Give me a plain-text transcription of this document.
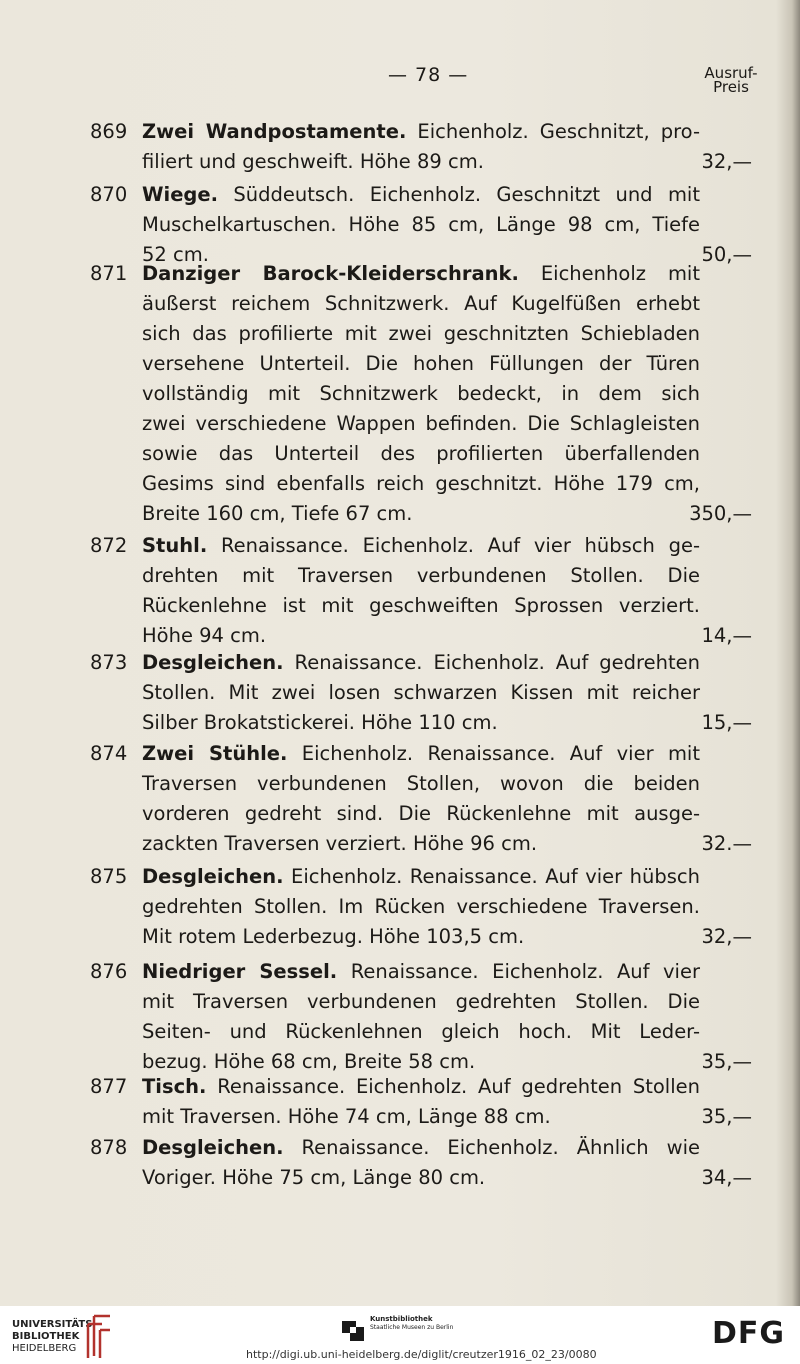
— 78 —	Ausruf-
Preis
869 Zwei Wandpostamente. Eichenholz. Geschnitzt, pro-
filiert und geschweift. Höhe 89 cm.	32,—
870 Wiege. Süddeutsch. Eichenholz. Geschnitzt und mit
Muschelkartuschen. Höhe 85 cm, Länge 98 cm, Tiefe
52 cm.	50,—
871 Danziger Barock-Kleiderschrank. Eichenholz mit
äußerst reichem Schnitzwerk. Auf Kugelfüßen erhebt
sich das profilierte mit zwei geschnitzten Schiebladen
versehene Unterteil. Die hohen Füllungen der Türen
vollständig mit Schnitzwerk bedeckt, in dem sich
zwei verschiedene Wappen befinden. Die Schlagleisten
sowie das Unterteil des profilierten überfallenden
Gesims sind ebenfalls reich geschnitzt. Höhe 179 cm,
Breite 160 cm, Tiefe 67 cm.	350,—
872 Stuhl. Renaissance. Eichenholz. Auf vier hübsch ge-
drehten mit Traversen verbundenen Stollen. Die
Rückenlehne ist mit geschweiften Sprossen verziert.
Höhe 94 cm.	14,—
873 Desgleichen. Renaissance. Eichenholz. Auf gedrehten
Stollen. Mit zwei losen schwarzen Kissen mit reicher
Silber Brokatstickerei. Höhe 110 cm.	15,—
874 Zwei Stühle. Eichenholz. Renaissance. Auf vier mit
Traversen verbundenen Stollen, wovon die beiden
vorderen gedreht sind. Die Rückenlehne mit ausge-
zackten Traversen verziert. Höhe 96 cm.	32.—
875 Desgleichen. Eichenholz. Renaissance. Auf vier hübsch
gedrehten Stollen. Im Rücken verschiedene Traversen.
Mit rotem Lederbezug. Höhe 103,5 cm.	32,—
876 Niedriger Sessel. Renaissance. Eichenholz. Auf vier
mit Traversen verbundenen gedrehten Stollen. Die
Seiten- und Rückenlehnen gleich hoch. Mit Leder-
bezug. Höhe 68 cm, Breite 58 cm.	35,—
877 Tisch. Renaissance. Eichenholz. Auf gedrehten Stollen
mit Traversen. Höhe 74 cm, Länge 88 cm.	35,—
878 Desgleichen. Renaissance. Eichenholz. Ähnlich wie
Voriger. Höhe 75 cm, Länge 80 cm.	34,—
UNIVERSITÄTS-
BIBLIOTHEK
HEIDELBERG
Kunstbibliothek
Staatliche Museen zu Berlin
http://digi.ub.uni-heidelberg.de/diglit/creutzer1916_02_23/0080
DFG
